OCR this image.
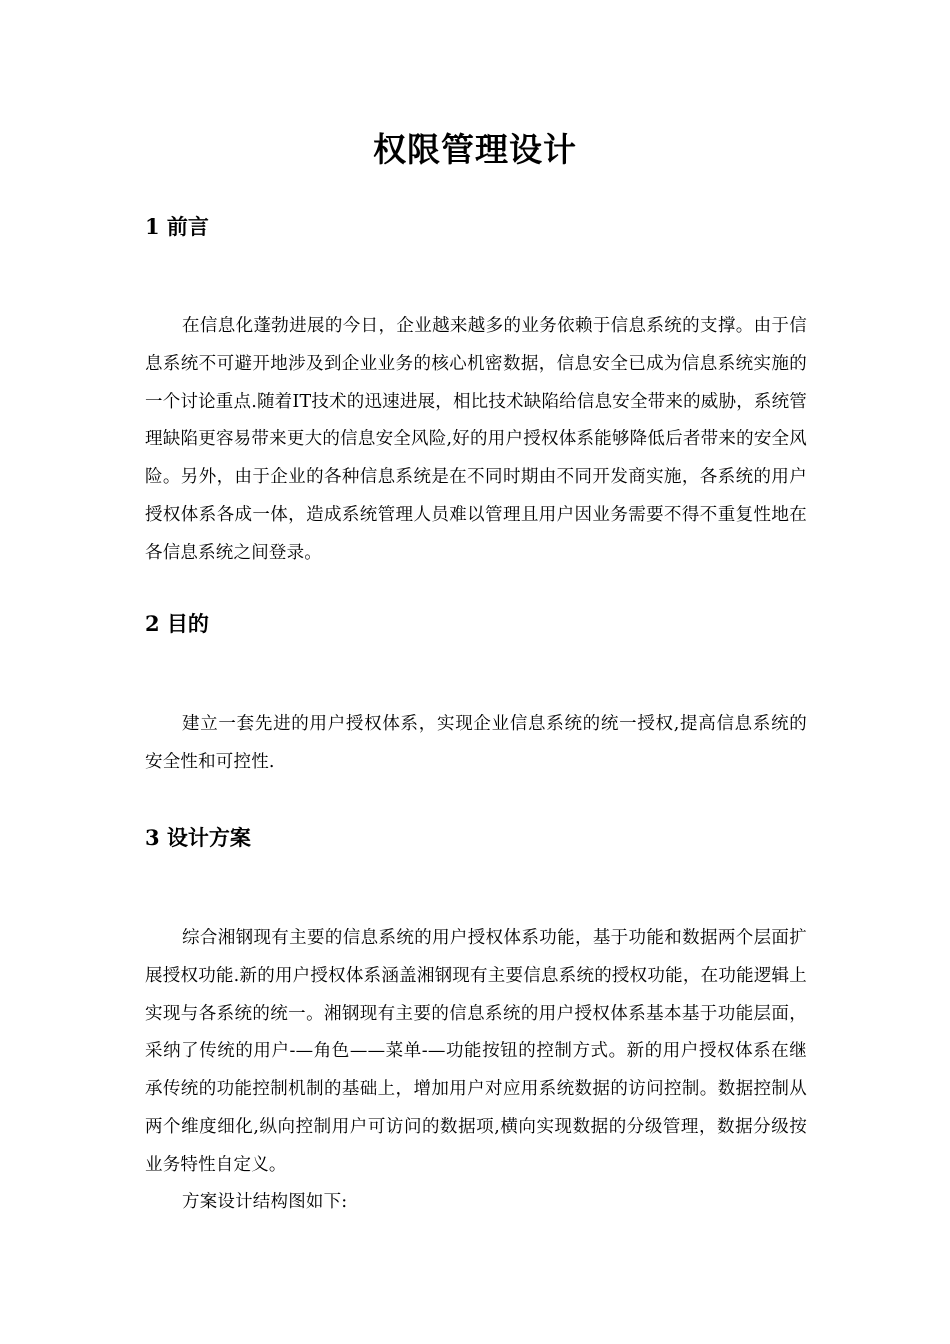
权限管理设计
1 前言

在信息化蓬勃进展的今日，企业越来越多的业务依赖于信息系统的支撑。由于信息系统不可避开地涉及到企业业务的核心机密数据，信息安全已成为信息系统实施的一个讨论重点.随着IT技术的迅速进展，相比技术缺陷给信息安全带来的威胁，系统管理缺陷更容易带来更大的信息安全风险,好的用户授权体系能够降低后者带来的安全风险。另外，由于企业的各种信息系统是在不同时期由不同开发商实施，各系统的用户授权体系各成一体，造成系统管理人员难以管理且用户因业务需要不得不重复性地在各信息系统之间登录。

2 目的

建立一套先进的用户授权体系，实现企业信息系统的统一授权,提高信息系统的安全性和可控性.

3 设计方案

综合湘钢现有主要的信息系统的用户授权体系功能，基于功能和数据两个层面扩展授权功能.新的用户授权体系涵盖湘钢现有主要信息系统的授权功能，在功能逻辑上实现与各系统的统一。湘钢现有主要的信息系统的用户授权体系基本基于功能层面，采纳了传统的用户-—角色——菜单-—功能按钮的控制方式。新的用户授权体系在继承传统的功能控制机制的基础上，增加用户对应用系统数据的访问控制。数据控制从两个维度细化,纵向控制用户可访问的数据项,横向实现数据的分级管理，数据分级按业务特性自定义。

方案设计结构图如下:
